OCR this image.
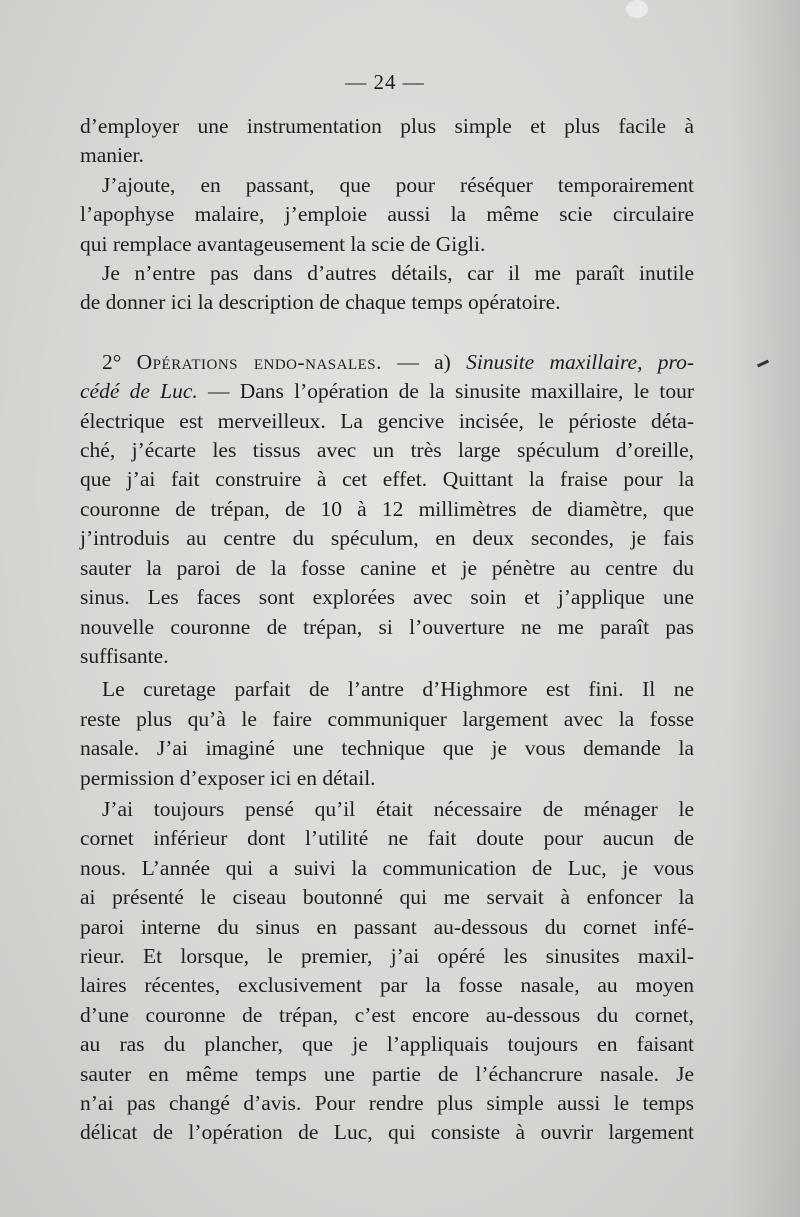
— 24 —

d’employer une instrumentation plus simple et plus facile à
manier.

J’ajoute, en passant, que pour réséquer temporairement
l’apophyse malaire, j’emploie aussi la même scie circulaire
qui remplace avantageusement la scie de Gigli.

Je n’entre pas dans d’autres détails, car il me paraît inutile
de donner ici la description de chaque temps opératoire.

2° Opérations endo-nasales. — a) Sinusite maxillaire, pro-
cédé de Luc. — Dans l’opération de la sinusite maxillaire, le tour
électrique est merveilleux. La gencive incisée, le périoste déta-
ché, j’écarte les tissus avec un très large spéculum d’oreille,
que j’ai fait construire à cet effet. Quittant la fraise pour la
couronne de trépan, de 10 à 12 millimètres de diamètre, que
j’introduis au centre du spéculum, en deux secondes, je fais
sauter la paroi de la fosse canine et je pénètre au centre du
sinus. Les faces sont explorées avec soin et j’applique une
nouvelle couronne de trépan, si l’ouverture ne me paraît pas
suffisante.

Le curetage parfait de l’antre d’Highmore est fini. Il ne
reste plus qu’à le faire communiquer largement avec la fosse
nasale. J’ai imaginé une technique que je vous demande la
permission d’exposer ici en détail.

J’ai toujours pensé qu’il était nécessaire de ménager le
cornet inférieur dont l’utilité ne fait doute pour aucun de
nous. L’année qui a suivi la communication de Luc, je vous
ai présenté le ciseau boutonné qui me servait à enfoncer la
paroi interne du sinus en passant au-dessous du cornet infé-
rieur. Et lorsque, le premier, j’ai opéré les sinusites maxil-
laires récentes, exclusivement par la fosse nasale, au moyen
d’une couronne de trépan, c’est encore au-dessous du cornet,
au ras du plancher, que je l’appliquais toujours en faisant
sauter en même temps une partie de l’échancrure nasale. Je
n’ai pas changé d’avis. Pour rendre plus simple aussi le temps
délicat de l’opération de Luc, qui consiste à ouvrir largement
